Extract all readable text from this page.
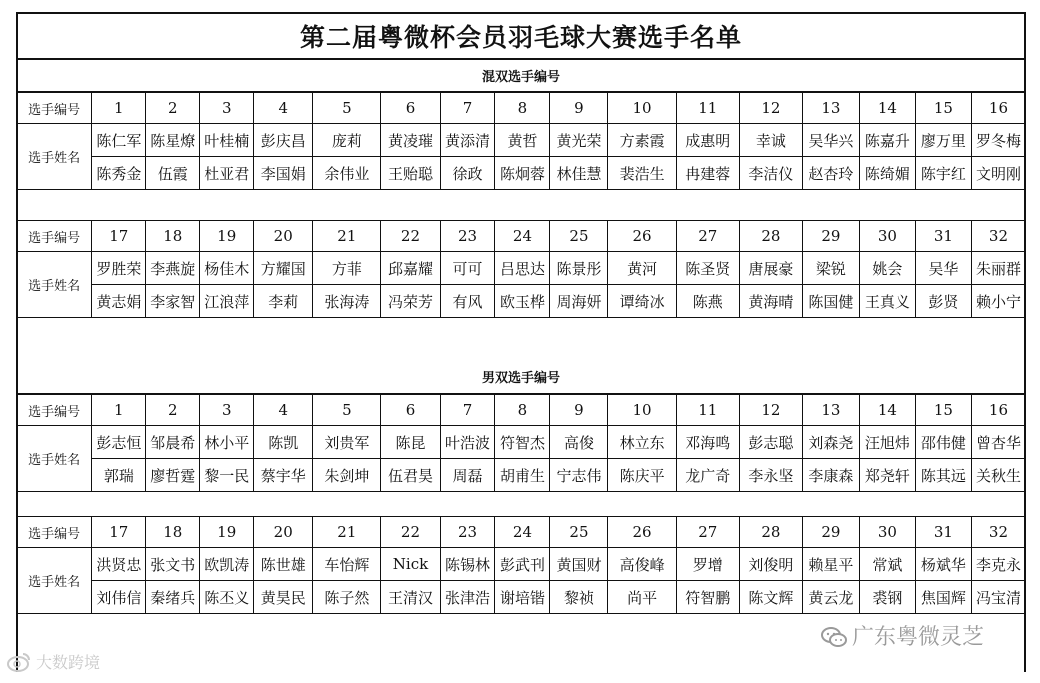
第二届粤微杯会员羽毛球大赛选手名单
混双选手编号
选手编号	1	2	3	4	5	6	7	8	9	10	11	12	13	14	15	16
选手姓名	陈仁军	陈星燎	叶桂楠	彭庆昌	庞莉	黄凌璀	黄添清	黄哲	黄光荣	方素霞	成惠明	幸诚	吴华兴	陈嘉升	廖万里	罗冬梅
	陈秀金	伍霞	杜亚君	李国娟	余伟业	王贻聪	徐政	陈炯蓉	林佳慧	裴浩生	冉建蓉	李洁仪	赵杏玲	陈绮媚	陈宇红	文明刚
选手编号	17	18	19	20	21	22	23	24	25	26	27	28	29	30	31	32
选手姓名	罗胜荣	李燕旋	杨佳木	方耀国	方菲	邱嘉耀	可可	吕思达	陈景彤	黄河	陈圣贤	唐展豪	梁锐	姚会	吴华	朱丽群
	黄志娟	李家智	江浪萍	李莉	张海涛	冯荣芳	有风	欧玉桦	周海妍	谭绮冰	陈燕	黄海晴	陈国健	王真义	彭贤	赖小宁
男双选手编号
选手编号	1	2	3	4	5	6	7	8	9	10	11	12	13	14	15	16
选手姓名	彭志恒	邹晨希	林小平	陈凯	刘贵军	陈昆	叶浩波	符智杰	高俊	林立东	邓海鸣	彭志聪	刘森尧	汪旭炜	邵伟健	曾杏华
	郭瑞	廖哲霆	黎一民	蔡宇华	朱剑坤	伍君昊	周磊	胡甫生	宁志伟	陈庆平	龙广奇	李永坚	李康森	郑尧轩	陈其远	关秋生
选手编号	17	18	19	20	21	22	23	24	25	26	27	28	29	30	31	32
选手姓名	洪贤忠	张文书	欧凯涛	陈世雄	车怡辉	Nick	陈锡林	彭武刊	黄国财	高俊峰	罗增	刘俊明	赖星平	常斌	杨斌华	李克永
	刘伟信	秦绪兵	陈丕义	黄昊民	陈子然	王清汉	张津浩	谢培锴	黎祯	尚平	符智鹏	陈文辉	黄云龙	裘钢	焦国辉	冯宝清
大数跨境
广东粤微灵芝
